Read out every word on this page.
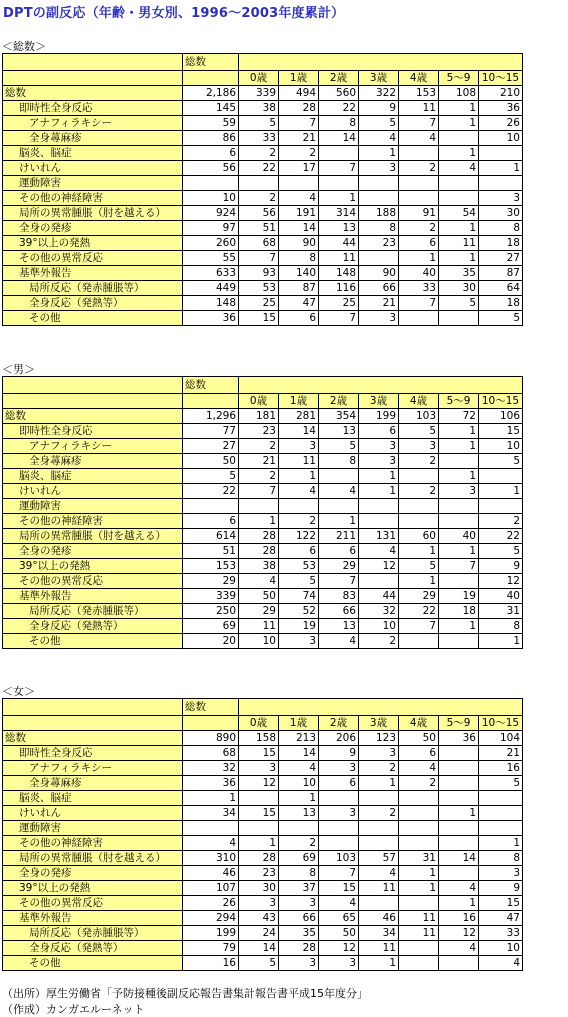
DPTの副反応（年齢・男女別、1996～2003年度累計）
＜総数＞
	総数							
		0歳	1歳	2歳	3歳	4歳	5～9	10～15
総数	2,186	339	494	560	322	153	108	210
即時性全身反応	145	38	28	22	9	11	1	36
アナフィラキシー	59	5	7	8	5	7	1	26
全身蕁麻疹	86	33	21	14	4	4		10
脳炎、脳症	6	2	2		1		1	
けいれん	56	22	17	7	3	2	4	1
運動障害								
その他の神経障害	10	2	4	1				3
局所の異常腫脹（肘を越える）	924	56	191	314	188	91	54	30
全身の発疹	97	51	14	13	8	2	1	8
39°以上の発熱	260	68	90	44	23	6	11	18
その他の異常反応	55	7	8	11		1	1	27
基準外報告	633	93	140	148	90	40	35	87
局所反応（発赤腫脹等）	449	53	87	116	66	33	30	64
全身反応（発熱等）	148	25	47	25	21	7	5	18
その他	36	15	6	7	3			5
＜男＞
	総数							
		0歳	1歳	2歳	3歳	4歳	5～9	10～15
総数	1,296	181	281	354	199	103	72	106
即時性全身反応	77	23	14	13	6	5	1	15
アナフィラキシー	27	2	3	5	3	3	1	10
全身蕁麻疹	50	21	11	8	3	2		5
脳炎、脳症	5	2	1		1		1	
けいれん	22	7	4	4	1	2	3	1
運動障害								
その他の神経障害	6	1	2	1				2
局所の異常腫脹（肘を越える）	614	28	122	211	131	60	40	22
全身の発疹	51	28	6	6	4	1	1	5
39°以上の発熱	153	38	53	29	12	5	7	9
その他の異常反応	29	4	5	7		1		12
基準外報告	339	50	74	83	44	29	19	40
局所反応（発赤腫脹等）	250	29	52	66	32	22	18	31
全身反応（発熱等）	69	11	19	13	10	7	1	8
その他	20	10	3	4	2			1
＜女＞
	総数							
		0歳	1歳	2歳	3歳	4歳	5～9	10～15
総数	890	158	213	206	123	50	36	104
即時性全身反応	68	15	14	9	3	6		21
アナフィラキシー	32	3	4	3	2	4		16
全身蕁麻疹	36	12	10	6	1	2		5
脳炎、脳症	1		1					
けいれん	34	15	13	3	2		1	
運動障害								
その他の神経障害	4	1	2					1
局所の異常腫脹（肘を越える）	310	28	69	103	57	31	14	8
全身の発疹	46	23	8	7	4	1		3
39°以上の発熱	107	30	37	15	11	1	4	9
その他の異常反応	26	3	3	4			1	15
基準外報告	294	43	66	65	46	11	16	47
局所反応（発赤腫脹等）	199	24	35	50	34	11	12	33
全身反応（発熱等）	79	14	28	12	11		4	10
その他	16	5	3	3	1			4
（出所）厚生労働省「予防接種後副反応報告書集計報告書平成15年度分」
（作成）カンガエルーネット
